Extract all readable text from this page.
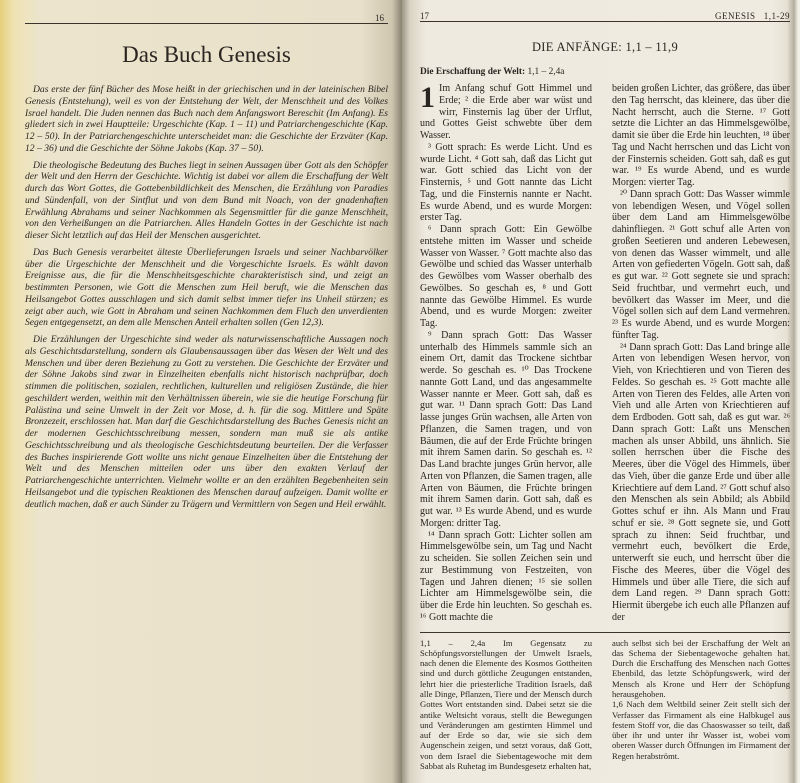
16
Das Buch Genesis

Das erste der fünf Bücher des Mose heißt in der griechischen und in der lateinischen Bibel Genesis (Entstehung), weil es von der Entstehung der Welt, der Menschheit und des Volkes Israel handelt. Die Juden nennen das Buch nach dem Anfangswort Bereschit (Im Anfang). Es gliedert sich in zwei Hauptteile: Urgeschichte (Kap. 1 – 11) und Patriarchengeschichte (Kap. 12 – 50). In der Patriarchengeschichte unterscheidet man: die Geschichte der Erzväter (Kap. 12 – 36) und die Geschichte der Söhne Jakobs (Kap. 37 – 50).

Die theologische Bedeutung des Buches liegt in seinen Aussagen über Gott als den Schöpfer der Welt und den Herrn der Geschichte. Wichtig ist dabei vor allem die Erschaffung der Welt durch das Wort Gottes, die Gottebenbildlichkeit des Menschen, die Erzählung von Paradies und Sündenfall, von der Sintflut und von dem Bund mit Noach, von der gnadenhaften Erwählung Abrahams und seiner Nachkommen als Segensmittler für die ganze Menschheit, von den Verheißungen an die Patriarchen. Alles Handeln Gottes in der Geschichte ist nach dieser Sicht letztlich auf das Heil der Menschen ausgerichtet.

Das Buch Genesis verarbeitet älteste Überlieferungen Israels und seiner Nachbarvölker über die Urgeschichte der Menschheit und die Vorgeschichte Israels. Es wählt davon Ereignisse aus, die für die Menschheitsgeschichte charakteristisch sind, und zeigt an bestimmten Personen, wie Gott die Menschen zum Heil beruft, wie die Menschen das Heilsangebot Gottes ausschlagen und sich damit selbst immer tiefer ins Unheil stürzen; es zeigt aber auch, wie Gott in Abraham und seinen Nachkommen dem Fluch den unverdienten Segen entgegensetzt, an dem alle Menschen Anteil erhalten sollen (Gen 12,3).

Die Erzählungen der Urgeschichte sind weder als naturwissenschaftliche Aussagen noch als Geschichtsdarstellung, sondern als Glaubensaussagen über das Wesen der Welt und des Menschen und über deren Beziehung zu Gott zu verstehen. Die Geschichte der Erzväter und der Söhne Jakobs sind zwar in Einzelheiten ebenfalls nicht historisch nachprüfbar, doch stimmen die politischen, sozialen, rechtlichen, kulturellen und religiösen Zustände, die hier geschildert werden, weithin mit den Verhältnissen überein, wie sie die heutige Forschung für Palästina und seine Umwelt in der Zeit vor Mose, d. h. für die sog. Mittlere und Späte Bronzezeit, erschlossen hat. Man darf die Geschichtsdarstellung des Buches Genesis nicht an der modernen Geschichtsschreibung messen, sondern man muß sie als antike Geschichtsschreibung und als theologische Geschichtsdeutung beurteilen. Der die Verfasser des Buches inspirierende Gott wollte uns nicht genaue Einzelheiten über die Entstehung der Welt und des Menschen mitteilen oder uns über den exakten Verlauf der Patriarchengeschichte unterrichten. Vielmehr wollte er an den erzählten Begebenheiten sein Heilsangebot und die typischen Reaktionen des Menschen darauf aufzeigen. Damit wollte er deutlich machen, daß er auch Sünder zu Trägern und Vermittlern von Segen und Heil erwählt.

17	GENESIS   1,1-29
DIE ANFÄNGE: 1,1 – 11,9
Die Erschaffung der Welt: 1,1 – 2,4a

1 Im Anfang schuf Gott Himmel und Erde; ² die Erde aber war wüst und wirr, Finsternis lag über der Urflut, und Gottes Geist schwebte über dem Wasser.

³ Gott sprach: Es werde Licht. Und es wurde Licht. ⁴ Gott sah, daß das Licht gut war. Gott schied das Licht von der Finsternis, ⁵ und Gott nannte das Licht Tag, und die Finsternis nannte er Nacht. Es wurde Abend, und es wurde Morgen: erster Tag.

⁶ Dann sprach Gott: Ein Gewölbe entstehe mitten im Wasser und scheide Wasser von Wasser. ⁷ Gott machte also das Gewölbe und schied das Wasser unterhalb des Gewölbes vom Wasser oberhalb des Gewölbes. So geschah es, ⁸ und Gott nannte das Gewölbe Himmel. Es wurde Abend, und es wurde Morgen: zweiter Tag.

⁹ Dann sprach Gott: Das Wasser unterhalb des Himmels sammle sich an einem Ort, damit das Trockene sichtbar werde. So geschah es. ¹⁰ Das Trockene nannte Gott Land, und das angesammelte Wasser nannte er Meer. Gott sah, daß es gut war. ¹¹ Dann sprach Gott: Das Land lasse junges Grün wachsen, alle Arten von Pflanzen, die Samen tragen, und von Bäumen, die auf der Erde Früchte bringen mit ihrem Samen darin. So geschah es. ¹² Das Land brachte junges Grün hervor, alle Arten von Pflanzen, die Samen tragen, alle Arten von Bäumen, die Früchte bringen mit ihrem Samen darin. Gott sah, daß es gut war. ¹³ Es wurde Abend, und es wurde Morgen: dritter Tag.

¹⁴ Dann sprach Gott: Lichter sollen am Himmelsgewölbe sein, um Tag und Nacht zu scheiden. Sie sollen Zeichen sein und zur Bestimmung von Festzeiten, von Tagen und Jahren dienen; ¹⁵ sie sollen Lichter am Himmelsgewölbe sein, die über die Erde hin leuchten. So geschah es. ¹⁶ Gott machte die

beiden großen Lichter, das größere, das über den Tag herrscht, das kleinere, das über die Nacht herrscht, auch die Sterne. ¹⁷ Gott setzte die Lichter an das Himmelsgewölbe, damit sie über die Erde hin leuchten, ¹⁸ über Tag und Nacht herrschen und das Licht von der Finsternis scheiden. Gott sah, daß es gut war. ¹⁹ Es wurde Abend, und es wurde Morgen: vierter Tag.

²⁰ Dann sprach Gott: Das Wasser wimmle von lebendigen Wesen, und Vögel sollen über dem Land am Himmelsgewölbe dahinfliegen. ²¹ Gott schuf alle Arten von großen Seetieren und anderen Lebewesen, von denen das Wasser wimmelt, und alle Arten von gefiederten Vögeln. Gott sah, daß es gut war. ²² Gott segnete sie und sprach: Seid fruchtbar, und vermehrt euch, und bevölkert das Wasser im Meer, und die Vögel sollen sich auf dem Land vermehren. ²³ Es wurde Abend, und es wurde Morgen: fünfter Tag.

²⁴ Dann sprach Gott: Das Land bringe alle Arten von lebendigen Wesen hervor, von Vieh, von Kriechtieren und von Tieren des Feldes. So geschah es. ²⁵ Gott machte alle Arten von Tieren des Feldes, alle Arten von Vieh und alle Arten von Kriechtieren auf dem Erdboden. Gott sah, daß es gut war. ²⁶ Dann sprach Gott: Laßt uns Menschen machen als unser Abbild, uns ähnlich. Sie sollen herrschen über die Fische des Meeres, über die Vögel des Himmels, über das Vieh, über die ganze Erde und über alle Kriechtiere auf dem Land. ²⁷ Gott schuf also den Menschen als sein Abbild; als Abbild Gottes schuf er ihn. Als Mann und Frau schuf er sie. ²⁸ Gott segnete sie, und Gott sprach zu ihnen: Seid fruchtbar, und vermehrt euch, bevölkert die Erde, unterwerft sie euch, und herrscht über die Fische des Meeres, über die Vögel des Himmels und über alle Tiere, die sich auf dem Land regen. ²⁹ Dann sprach Gott: Hiermit übergebe ich euch alle Pflanzen auf der

1,1 – 2,4a Im Gegensatz zu Schöpfungsvorstellungen der Umwelt Israels, nach denen die Elemente des Kosmos Gottheiten sind und durch göttliche Zeugungen entstanden, lehrt hier die priesterliche Tradition Israels, daß alle Dinge, Pflanzen, Tiere und der Mensch durch Gottes Wort entstanden sind. Dabei setzt sie die antike Weltsicht voraus, stellt die Bewegungen und Veränderungen am gestirnten Himmel und auf der Erde so dar, wie sie sich dem Augenschein zeigen, und setzt voraus, daß Gott, von dem Israel die Siebentagewoche mit dem Sabbat als Ruhetag im Bundesgesetz erhalten hat,

auch selbst sich bei der Erschaffung der Welt an das Schema der Siebentagewoche gehalten hat. Durch die Erschaffung des Menschen nach Gottes Ebenbild, das letzte Schöpfungswerk, wird der Mensch als Krone und Herr der Schöpfung herausgehoben.

1,6 Nach dem Weltbild seiner Zeit stellt sich der Verfasser das Firmament als eine Halbkugel aus festem Stoff vor, die das Chaoswasser so teilt, daß über ihr und unter ihr Wasser ist, wobei vom oberen Wasser durch Öffnungen im Firmament der Regen herabströmt.
